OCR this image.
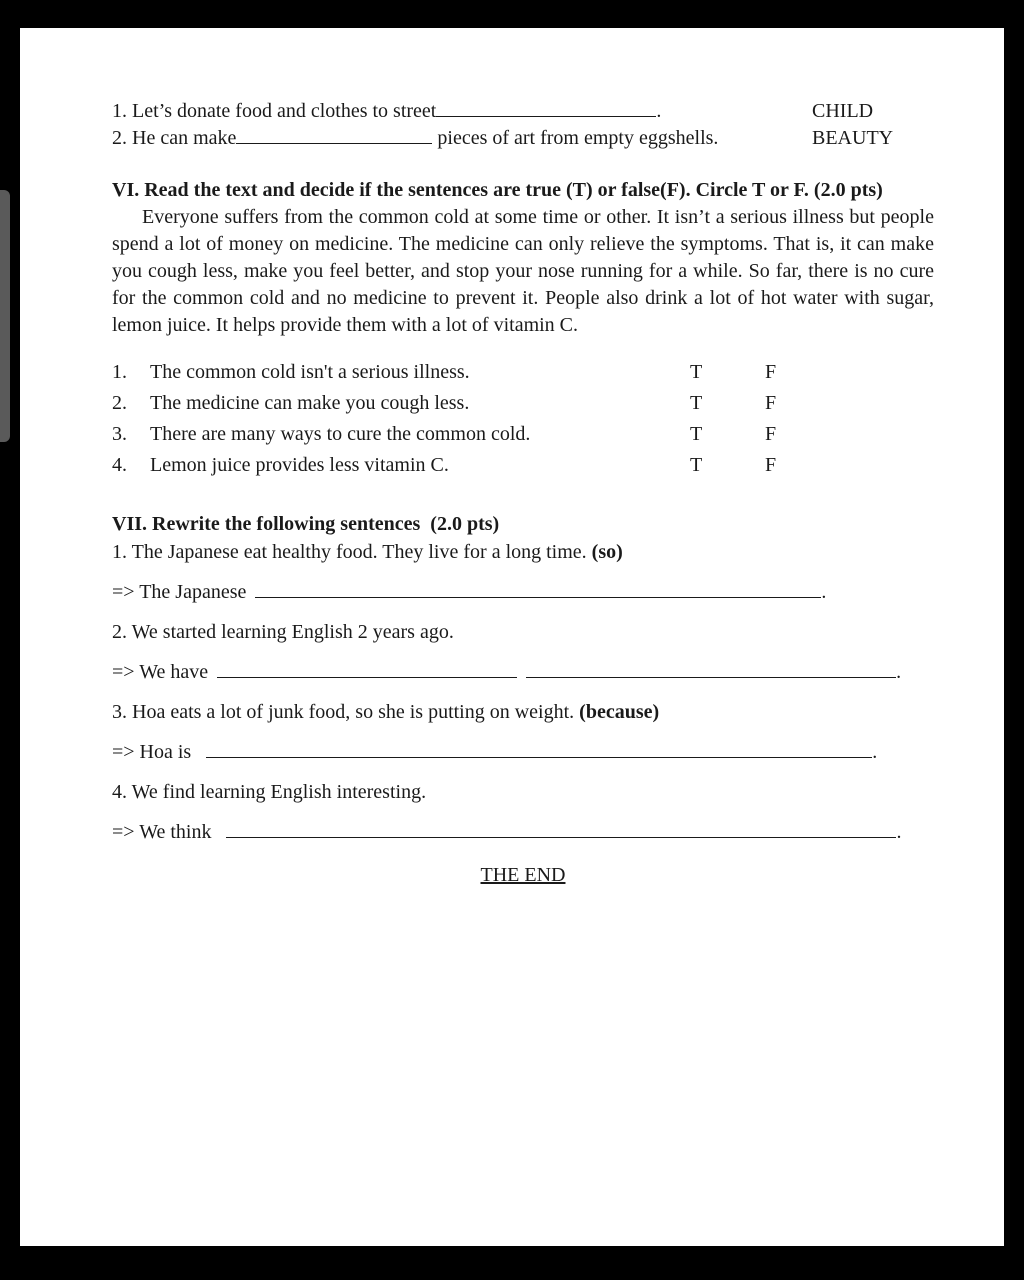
1. Let’s donate food and clothes to street	.	CHILD
2. He can make	pieces of art from empty eggshells.	BEAUTY
VI. Read the text and decide if the sentences are true (T) or false(F). Circle T or F. (2.0 pts)

Everyone suffers from the common cold at some time or other. It isn’t a serious illness but people spend a lot of money on medicine. The medicine can only relieve the symptoms. That is, it can make you cough less, make you feel better, and stop your nose running for a while. So far, there is no cure for the common cold and no medicine to prevent it. People also drink a lot of hot water with sugar, lemon juice. It helps provide them with a lot of vitamin C.

1. The common cold isn't a serious illness.	T	F
2. The medicine can make you cough less.	T	F
3. There are many ways to cure the common cold.	T	F
4. Lemon juice provides less vitamin C.	T	F
VII. Rewrite the following sentences (2.0 pts)
1. The Japanese eat healthy food. They live for a long time. (so)
=> The Japanese	.
2. We started learning English 2 years ago.
=> We have	.
3. Hoa eats a lot of junk food, so she is putting on weight. (because)
=> Hoa is	.
4. We find learning English interesting.
=> We think	.
THE END
